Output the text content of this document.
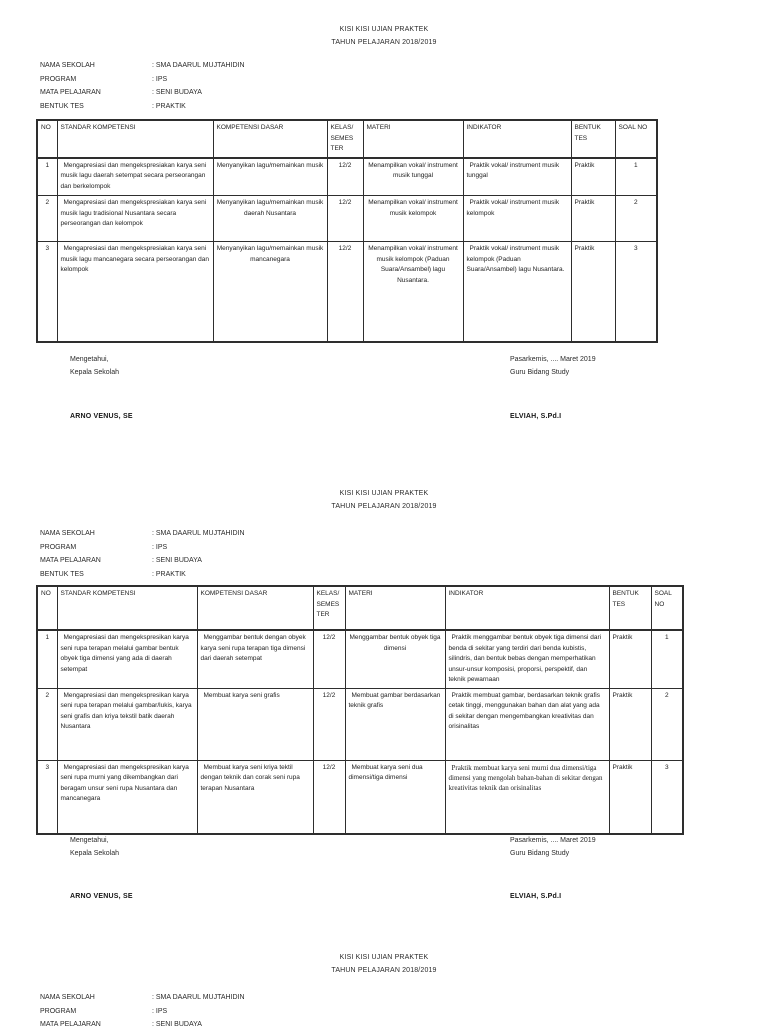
KISI KISI UJIAN PRAKTEK
TAHUN PELAJARAN 2018/2019
NAMA SEKOLAH	: SMA DAARUL MUJTAHIDIN
PROGRAM	: IPS
MATA PELAJARAN	: SENI BUDAYA
BENTUK TES	: PRAKTIK
NO	STANDAR KOMPETENSI	KOMPETENSI DASAR	KELAS/ SEMES TER	MATERI	INDIKATOR	BENTUK TES	SOAL NO
1	Mengapresiasi dan mengekspresiakan karya seni musik lagu daerah setempat secara perseorangan dan berkelompok	Menyanyikan lagu/memainkan musik	12/2	Menampilkan vokal/ instrument musik tunggal	Praktik vokal/ instrument musik tunggal	Praktik	1
2	Mengapresiasi dan mengekspresiakan karya seni musik lagu tradisional Nusantara secara perseorangan dan kelompok	Menyanyikan lagu/memainkan musik daerah Nusantara	12/2	Menampilkan vokal/ instrument musik kelompok	Praktik vokal/ instrument musik kelompok	Praktik	2
3	Mengapresiasi dan mengekspresiakan karya seni musik lagu mancanegara secara perseorangan dan kelompok	Menyanyikan lagu/memainkan musik mancanegara	12/2	Menampilkan vokal/ instrument musik kelompok (Paduan Suara/Ansambel) lagu Nusantara.	Praktik vokal/ instrument musik kelompok (Paduan Suara/Ansambel) lagu Nusantara.	Praktik	3
Mengetahui,
Kepala Sekolah
Pasarkemis, .... Maret 2019
Guru Bidang Study
ARNO VENUS, SE	ELVIAH, S.Pd.I
KISI KISI UJIAN PRAKTEK
TAHUN PELAJARAN 2018/2019
NAMA SEKOLAH	: SMA DAARUL MUJTAHIDIN
PROGRAM	: IPS
MATA PELAJARAN	: SENI BUDAYA
BENTUK TES	: PRAKTIK
NO	STANDAR KOMPETENSI	KOMPETENSI DASAR	KELAS/ SEMES TER	MATERI	INDIKATOR	BENTUK TES	SOAL NO
1	Mengapresiasi dan mengekspresikan karya seni rupa terapan melalui gambar bentuk obyek tiga dimensi yang ada di daerah setempat	Menggambar bentuk dengan obyek karya seni rupa terapan tiga dimensi dari daerah setempat	12/2	Menggambar bentuk obyek tiga dimensi	Praktik menggambar bentuk obyek tiga dimensi dari benda di sekitar yang terdiri dari benda kubistis, silindris, dan bentuk bebas dengan memperhatikan unsur-unsur komposisi, proporsi, perspektif, dan teknik pewarnaan	Praktik	1
2	Mengapresiasi dan mengekspresikan karya seni rupa terapan melalui gambar/lukis, karya seni grafis dan kriya tekstil batik daerah Nusantara	Membuat karya seni grafis	12/2	Membuat gambar berdasarkan teknik grafis	Praktik membuat gambar, berdasarkan teknik grafis cetak tinggi, menggunakan bahan dan alat yang ada di sekitar dengan mengembangkan kreativitas dan orisinalitas	Praktik	2
3	Mengapresiasi dan mengekspresikan karya seni rupa murni yang dikembangkan dari beragam unsur seni rupa Nusantara dan mancanegara	Membuat karya seni kriya tektil dengan teknik dan corak seni rupa terapan Nusantara	12/2	Membuat karya seni dua dimensi/tiga dimensi	Praktik membuat karya seni murni dua dimensi/tiga dimensi yang mengolah bahan-bahan di sekitar dengan kreativitas teknik dan orisinalitas	Praktik	3
Mengetahui,
Kepala Sekolah
Pasarkemis, .... Maret 2019
Guru Bidang Study
ARNO VENUS, SE	ELVIAH, S.Pd.I
KISI KISI UJIAN PRAKTEK
TAHUN PELAJARAN 2018/2019
NAMA SEKOLAH	: SMA DAARUL MUJTAHIDIN
PROGRAM	: IPS
MATA PELAJARAN	: SENI BUDAYA
